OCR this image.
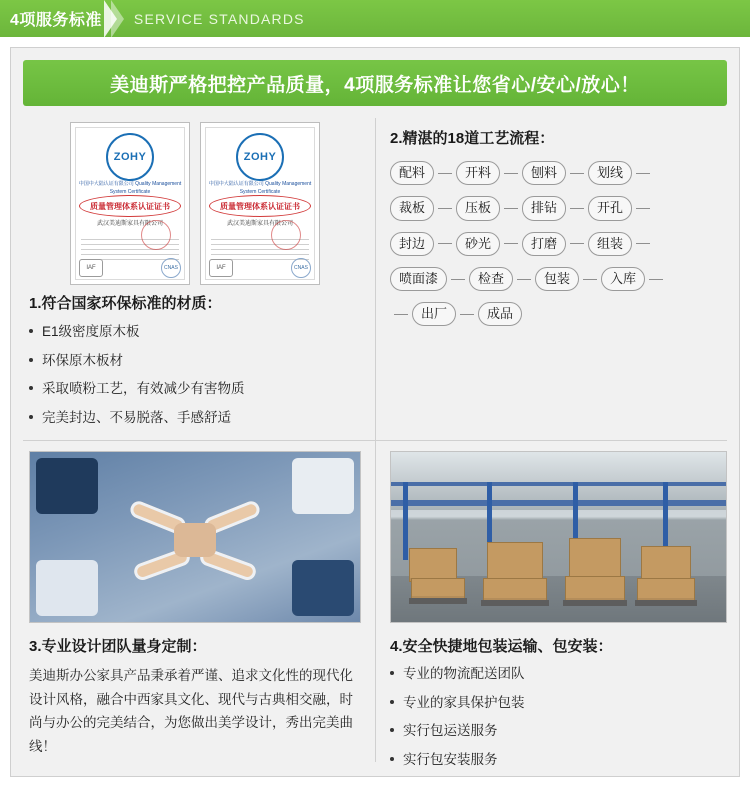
4项服务标准 SERVICE STANDARDS
美迪斯严格把控产品质量，4项服务标准让您省心/安心/放心！
ZOHY
中国中大陆认证有限公司 Quality Management System Certificate
质量管理体系认证证书
武汉美迪斯家具有限公司
IAF	CNAS
ZOHY
中国中大陆认证有限公司 Quality Management System Certificate
质量管理体系认证证书
武汉美迪斯家具有限公司
IAF	CNAS
1.符合国家环保标准的材质：
E1级密度原木板
环保原木板材
采取喷粉工艺，有效减少有害物质
完美封边、不易脱落、手感舒适
2.精湛的18道工艺流程：
配料	开料	刨料	划线
裁板	压板	排钻	开孔
封边	砂光	打磨	组装
喷面漆	检查	包装	入库
出厂	成品
3.专业设计团队量身定制：

美迪斯办公家具产品秉承着严谨、追求文化性的现代化设计风格，融合中西家具文化、现代与古典相交融，时尚与办公的完美结合，为您做出美学设计，秀出完美曲线！

4.安全快捷地包装运输、包安装：
专业的物流配送团队
专业的家具保护包装
实行包运送服务
实行包安装服务
